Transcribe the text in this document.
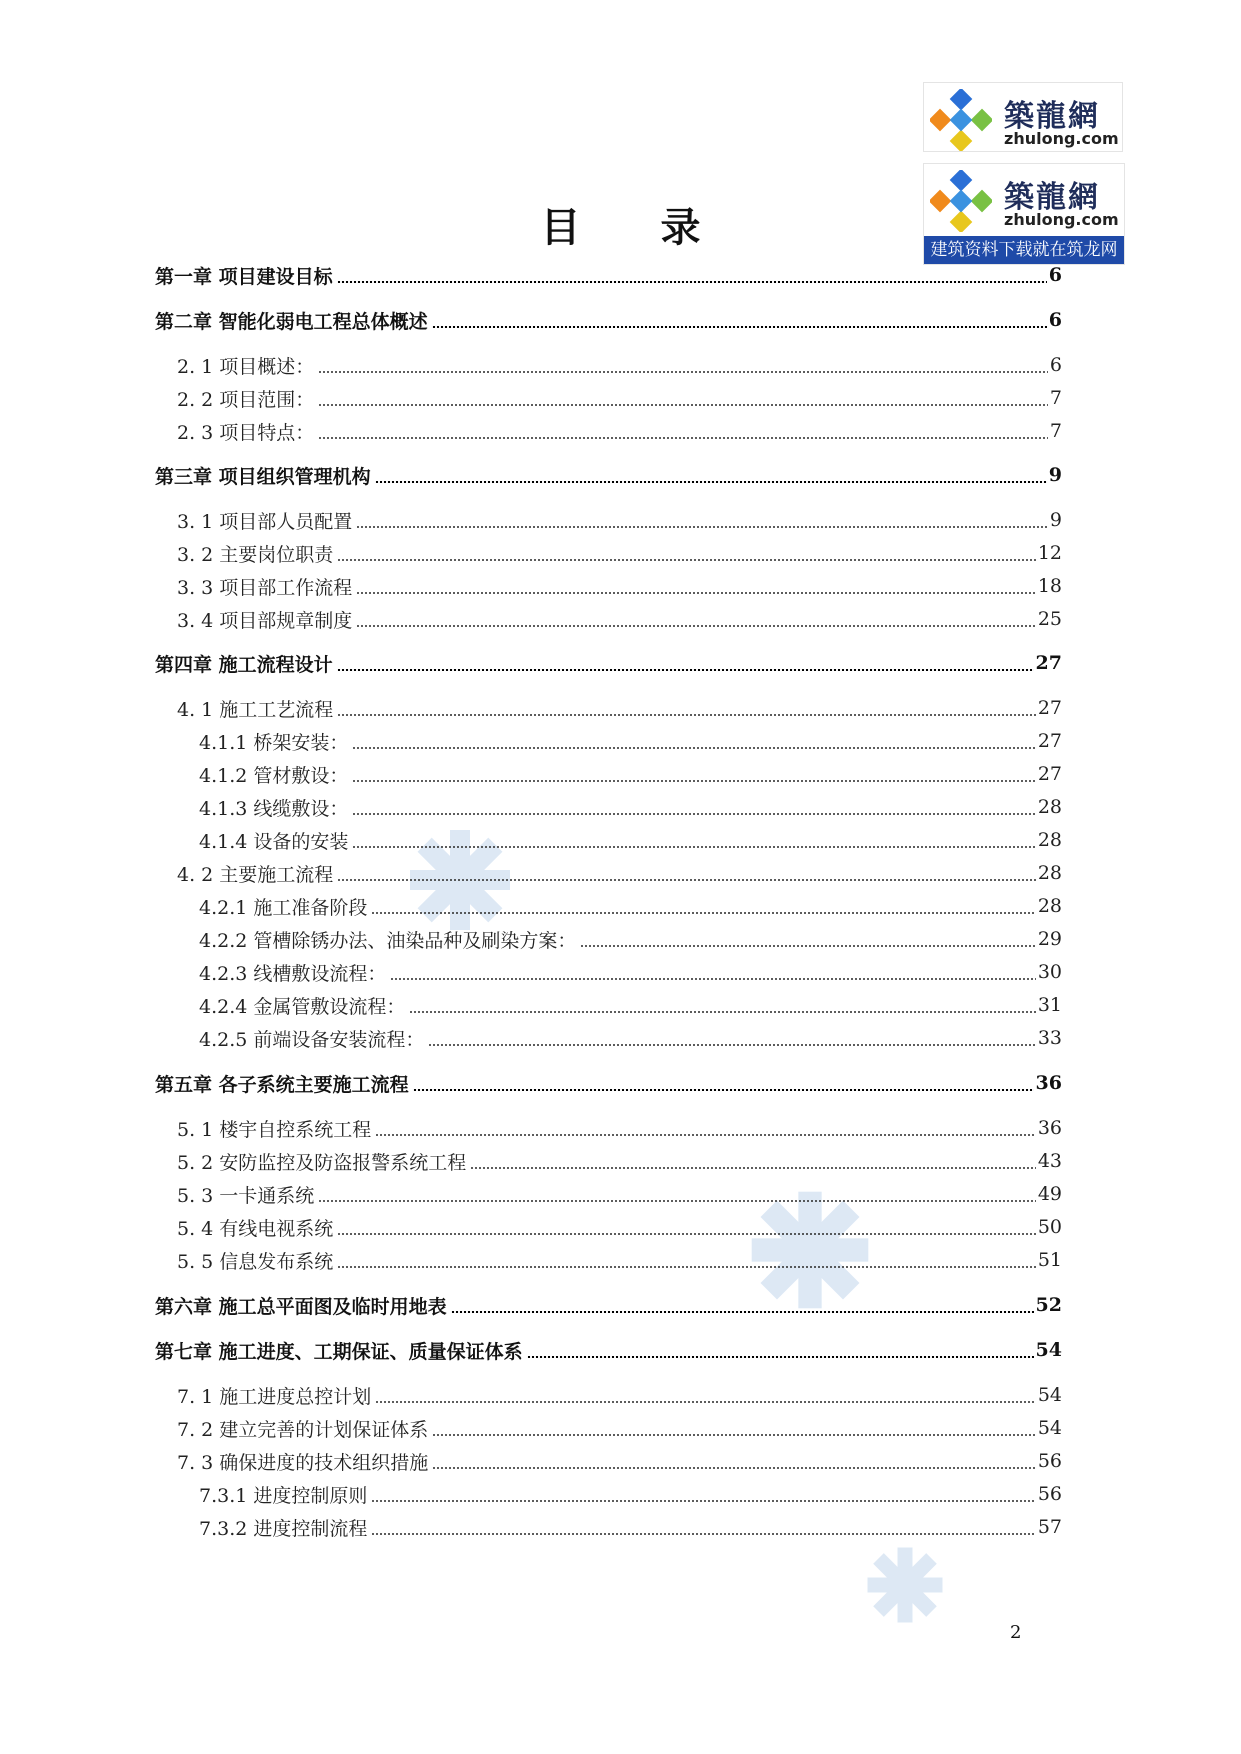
築龍網
zhulong.com
築龍網
zhulong.com
建筑资料下载就在筑龙网
目录
第一章 项目建设目标	6
第二章 智能化弱电工程总体概述	6
2. 1 项目概述：	6
2. 2 项目范围：	7
2. 3 项目特点：	7
第三章 项目组织管理机构	9
3. 1 项目部人员配置	9
3. 2 主要岗位职责	12
3. 3 项目部工作流程	18
3. 4 项目部规章制度	25
第四章 施工流程设计	27
4. 1 施工工艺流程	27
4.1.1 桥架安装：	27
4.1.2 管材敷设：	27
4.1.3 线缆敷设：	28
4.1.4 设备的安装	28
4. 2 主要施工流程	28
4.2.1 施工准备阶段	28
4.2.2 管槽除锈办法、油染品种及刷染方案：	29
4.2.3 线槽敷设流程：	30
4.2.4 金属管敷设流程：	31
4.2.5 前端设备安装流程：	33
第五章 各子系统主要施工流程	36
5. 1 楼宇自控系统工程	36
5. 2 安防监控及防盗报警系统工程	43
5. 3 一卡通系统	49
5. 4 有线电视系统	50
5. 5 信息发布系统	51
第六章 施工总平面图及临时用地表	52
第七章 施工进度、工期保证、质量保证体系	54
7. 1 施工进度总控计划	54
7. 2 建立完善的计划保证体系	54
7. 3 确保进度的技术组织措施	56
7.3.1 进度控制原则	56
7.3.2 进度控制流程	57
2
